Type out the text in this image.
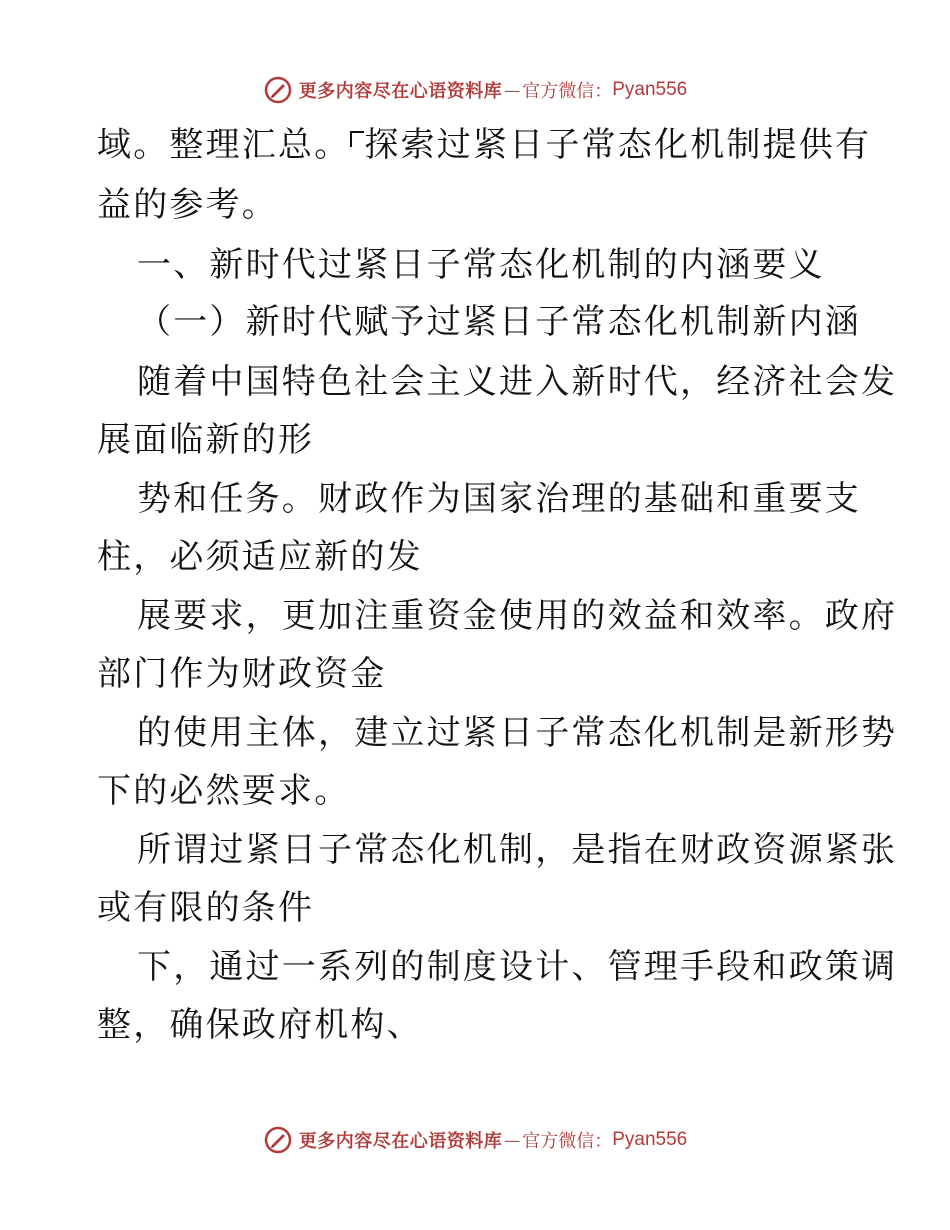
更多内容尽在心语资料库 — 官方微信： Pyan556
域。整理汇总。 探索过紧日子常态化机制提供有
益的参考。
一、新时代过紧日子常态化机制的内涵要义
（一）新时代赋予过紧日子常态化机制新内涵
随着中国特色社会主义进入新时代，经济社会发
展面临新的形
势和任务。财政作为国家治理的基础和重要支
柱，必须适应新的发
展要求，更加注重资金使用的效益和效率。政府
部门作为财政资金
的使用主体，建立过紧日子常态化机制是新形势
下的必然要求。
所谓过紧日子常态化机制，是指在财政资源紧张
或有限的条件
下，通过一系列的制度设计、管理手段和政策调
整，确保政府机构、
更多内容尽在心语资料库 — 官方微信： Pyan556
